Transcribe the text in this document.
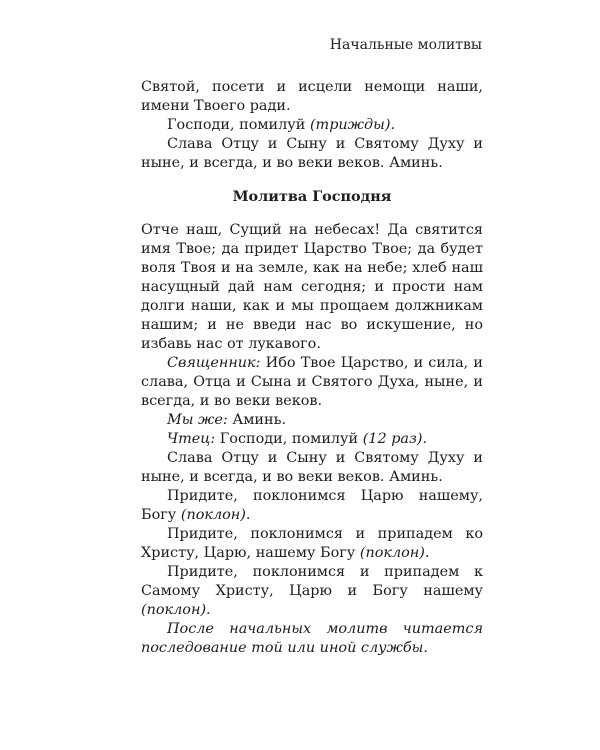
Начальные молитвы

Святой, посети и исцели немощи наши, имени Твоего ради.

Господи, помилуй (трижды).

Слава Отцу и Сыну и Святому Духу и ныне, и всегда, и во веки веков. Аминь.

Молитва Господня

Отче наш, Сущий на небесах! Да святится имя Твое; да придет Царство Твое; да будет воля Твоя и на земле, как на небе; хлеб наш насущный дай нам сегодня; и прости нам долги наши, как и мы прощаем должникам нашим; и не введи нас во искушение, но избавь нас от лукавого.

Священник: Ибо Твое Царство, и сила, и слава, Отца и Сына и Святого Духа, ныне, и всегда, и во веки веков.

Мы же: Аминь.

Чтец: Господи, помилуй (12 раз).

Слава Отцу и Сыну и Святому Духу и ныне, и всегда, и во веки веков. Аминь.

Придите, поклонимся Царю нашему, Богу (поклон).

Придите, поклонимся и припадем ко Христу, Царю, нашему Богу (поклон).

Придите, поклонимся и припадем к Самому Христу, Царю и Богу нашему (поклон).

После начальных молитв читается последование той или иной службы.
